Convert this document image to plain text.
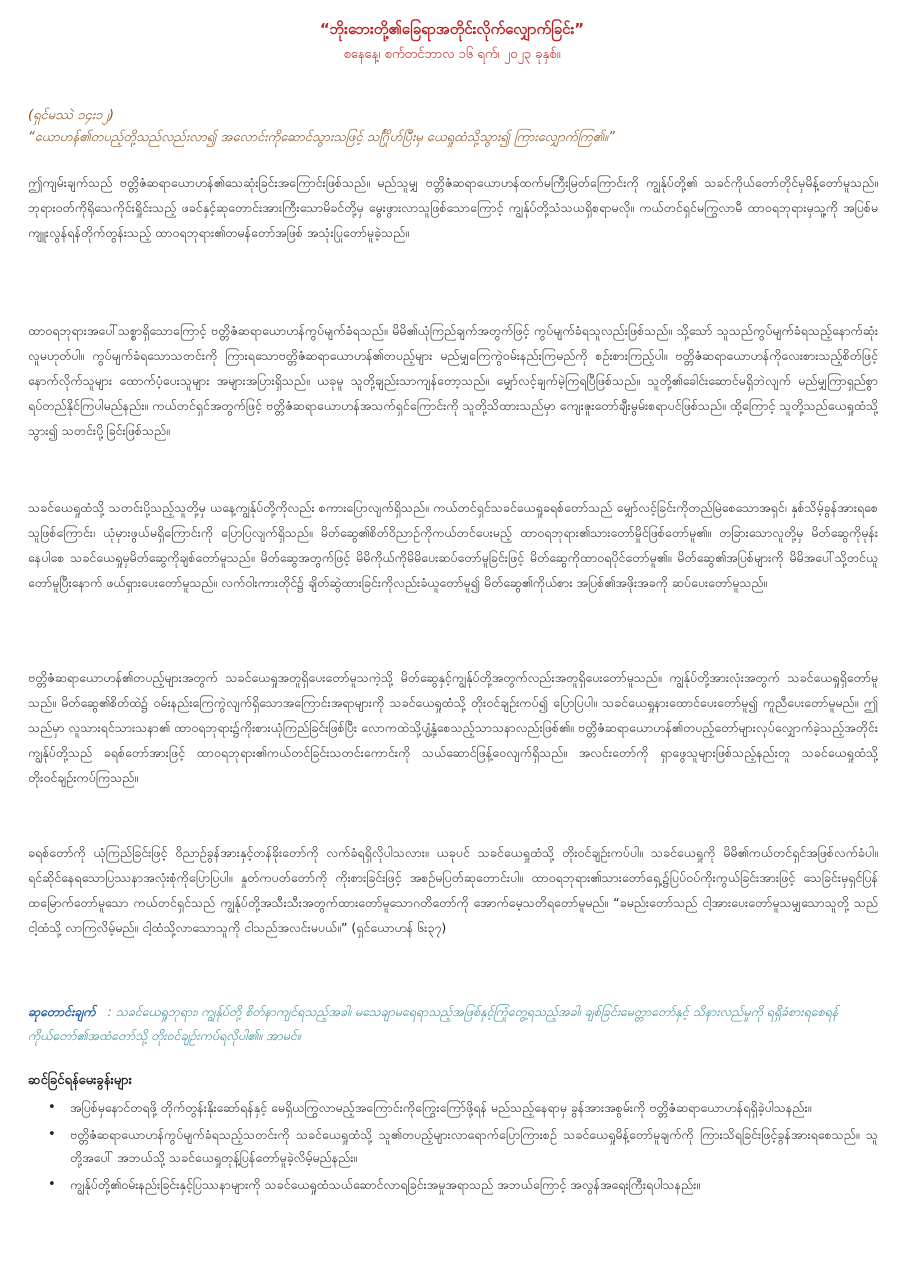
“ဘိုးဘေးတို့၏ခြေရာအတိုင်းလိုက်လျှောက်ခြင်း”
စနေနေ့၊ စက်တင်ဘာလ ၁၆ ရက်၊ ၂၀၂၃ ခုနှစ်။

(ရှင်မဿဲ ၁၄း၁၂)

“ယောဟန်၏တပည့်တို့သည်လည်းလာ၍ အလောင်းကိုဆောင်သွားသဖြင့် သင်္ဂြိုဟ်ပြီးမှ ယေရှုထံသို့သွား၍ ကြားလျှောက်ကြ၏။”

ဤကျမ်းချက်သည် ဗတ္တိဇံဆရာယောဟန်၏သေဆုံးခြင်းအကြောင်းဖြစ်သည်။ မည်သူမျှ ဗတ္တိဇံဆရာယောဟန်ထက်မကြီးမြတ်ကြောင်းကို ကျွန်ုပ်တို့၏ သခင်ကိုယ်တော်တိုင်မှမိန့်တော်မူသည်။ ဘုရားဝတ်ကိုရိုသေကိုင်းရှိုင်းသည့် ဖခင်နှင့်ဆုတောင်းအားကြီးသောမိခင်တို့မှ မွေးဖွားလာသူဖြစ်သောကြောင့် ကျွန်ုပ်တို့သံသယရှိစရာမလို။ ကယ်တင်ရှင်မကြွလာမီ ထာဝရဘုရားမှသူ့ကို အပြစ်မကျူးလွန်ရန်တိုက်တွန်းသည့် ထာဝရဘုရား၏တမန်တော်အဖြစ် အသုံးပြုတော်မူခဲ့သည်။

ထာဝရဘုရားအပေါ်သစ္စာရှိသောကြောင့် ဗတ္တိဇံဆရာယောဟန်ကွပ်မျက်ခံရသည်။ မိမိ၏ယုံကြည်ချက်အတွက်ဖြင့် ကွပ်မျက်ခံရသူလည်းဖြစ်သည်။ သို့သော် သူသည်ကွပ်မျက်ခံရသည့်နောက်ဆုံးလူမဟုတ်ပါ။ ကွပ်မျက်ခံရသောသတင်းကို ကြားရသောဗတ္တိဇံဆရာယောဟန်၏တပည့်များ မည်မျှကြေကွဲဝမ်းနည်းကြမည်ကို စဉ်းစားကြည့်ပါ။ ဗတ္တိဇံဆရာယောဟန်ကိုလေးစားသည့်စိတ်ဖြင့် နောက်လိုက်သူများ ထောက်ပံ့ပေးသူများ အများအပြားရှိသည်။ ယခုမူ သူတို့ချည်းသာကျန်တော့သည်။ မျှော်လင့်ချက်မဲ့ကြရပြီဖြစ်သည်။ သူတို့၏ခေါင်းဆောင်မရှိဘဲလျက် မည်မျှကြာရှည်စွာ ရပ်တည်နိုင်ကြပါမည်နည်း။ ကယ်တင်ရှင်အတွက်ဖြင့် ဗတ္တိဇံဆရာယောဟန်အသက်ရှင်ကြောင်းကို သူတို့သိထားသည်မှာ ကျေးဇူးတော်ချီးမွမ်းစရာပင်ဖြစ်သည်။ ထို့ကြောင့် သူတို့သည်ယေရှုထံသို့သွား၍ သတင်းပို့ခြင်းဖြစ်သည်။

သခင်ယေရှုထံသို့ သတင်းပို့သည့်သူတို့မှ ယနေ့ကျွန်ုပ်တို့ကိုလည်း စကားပြောလျက်ရှိသည်။ ကယ်တင်ရှင်သခင်ယေရှုခရစ်တော်သည် မျှော်လင့်ခြင်းကိုတည်မြဲစေသောအရှင်၊ နှစ်သိမ့်ခွန်အားရစေသူဖြစ်ကြောင်း၊ ယုံမှားဖွယ်မရှိကြောင်းကို ပြောပြလျက်ရှိသည်။ မိတ်ဆွေ၏စိတ်ဝိညာဉ်ကိုကယ်တင်ပေးမည့် ထာဝရဘုရား၏သားတော်မှိုင်ဖြစ်တော်မူ၏။ တခြားသောလူတို့မှ မိတ်ဆွေကိုမုန်းနေပါစေ သခင်ယေရှုမှမိတ်ဆွေကိုချစ်တော်မူသည်။ မိတ်ဆွေအတွက်ဖြင့် မိမိကိုယ်ကိုမိမိပေးဆပ်တော်မူခြင်းဖြင့် မိတ်ဆွေကိုထာဝရပိုင်တော်မူ၏။ မိတ်ဆွေ၏အပြစ်များကို မိမိအပေါ်သို့တင်ယူတော်မူပြီးနောက် ဖယ်ရှားပေးတော်မူသည်။ လက်ဝါးကားတိုင်၌ ချိတ်ဆွဲထားခြင်းကိုလည်းခံယူတော်မူ၍ မိတ်ဆွေ၏ကိုယ်စား အပြစ်၏အဖိုးအခကို ဆပ်ပေးတော်မူသည်။

ဗတ္တိဇံဆရာယောဟန်၏တပည့်များအတွက် သခင်ယေရှုအတူရှိပေးတော်မူသကဲ့သို့ မိတ်ဆွေနှင့်ကျွန်ုပ်တို့အတွက်လည်းအတူရှိပေးတော်မူသည်။ ကျွန်ုပ်တို့အားလုံးအတွက် သခင်ယေရှုရှိတော်မူသည်။ မိတ်ဆွေ၏စိတ်ထဲ၌ ဝမ်းနည်းကြေကွဲလျက်ရှိသောအကြောင်းအရာများကို သခင်ယေရှုထံသို့ တိုးဝင်ချဉ်းကပ်၍ ပြောပြပါ။ သခင်ယေရှုနားထောင်ပေးတော်မူ၍ ကူညီပေးတော်မူမည်။ ဤသည်မှာ လူသားရင်သားသနာ၏ ထာဝရဘုရား၌ကိုးစားယုံကြည်ခြင်းဖြစ်ပြီး လောကထဲသို့ပျံ့နှံ့စေသည့်သာသနာလည်းဖြစ်၏။ ဗတ္တိဇံဆရာယောဟန်၏တပည့်တော်များလုပ်လျှောက်ခဲ့သည့်အတိုင်း ကျွန်ုပ်တို့သည် ခရစ်တော်အားဖြင့် ထာဝရဘုရား၏ကယ်တင်ခြင်းသတင်းကောင်းကို သယ်ဆောင်ဖြန့်ဝေလျက်ရှိသည်။ အလင်းတော်ကို ရှာဖွေသူများဖြစ်သည့်နည်းတူ သခင်ယေရှုထံသို့ တိုးဝင်ချဉ်းကပ်ကြသည်။

ခရစ်တော်ကို ယုံကြည်ခြင်းဖြင့် ဝိညာဉ်ခွန်အားနှင့်တန်ခိုးတော်ကို လက်ခံရရှိလိုပါသလား။ ယခုပင် သခင်ယေရှုထံသို့ တိုးဝင်ချဉ်းကပ်ပါ။ သခင်ယေရှုကို မိမိ၏ကယ်တင်ရှင်အဖြစ်လက်ခံပါ။ ရင်ဆိုင်နေရသောပြဿနာအလုံးစုံကိုပြောပြပါ။ နှုတ်ကပတ်တော်ကို ကိုးစားခြင်းဖြင့် အစဉ်မပြတ်ဆုတောင်းပါ။ ထာဝရဘုရား၏သားတော်ရှေ့၌ပြပ်ဝပ်ကိုးကွယ်ခြင်းအားဖြင့် သေခြင်းမှရှင်ပြန်ထမြောက်တော်မူသော ကယ်တင်ရှင်သည် ကျွန်ုပ်တို့အသီးသီးအတွက်ထားတော်မူသောဂတိတော်ကို အောက်မေ့သတိရတော်မူမည်။ “ခမည်းတော်သည် ငါ့အားပေးတော်မူသမျှသောသူတို့ သည်ငါ့ထံသို့ လာကြလိမ့်မည်။ ငါ့ထံသို့လာသောသူကို ငါသည်အလင်းမပယ်။” (ရှင်ယောဟန် ၆း၃၇)

ဆုတောင်းချက် : သခင်ယေရှုဘုရား၊ ကျွန်ုပ်တို့ စိတ်နာကျင်ရသည့်အခါ၊ မသေချာမရေရာသည့်အဖြစ်နှင့်ကြုံတွေ့ရသည့်အခါ၊ ချစ်ခြင်းမေတ္တာတော်နှင့် သိနားလည်မှုကို ရရှိခံစားရစေရန် ကိုယ်တော်၏အထံတော်သို့ တိုးဝင်ချဉ်းကပ်ရလိုပါ၏။ အာမင်။

ဆင်ခြင်ရန်မေးခွန်းများ

• အပြစ်မှနောင်တရဖို့ တိုက်တွန်းနိုးဆော်ရန်နှင့် မေရှိယကြွလာမည့်အကြောင်းကိုကြွေးကြော်ဖို့ရန် မည်သည့်နေရာမှ ခွန်အားအစွမ်းကို ဗတ္တိဇံဆရာယောဟန်ရရှိခဲ့ပါသနည်း။
• ဗတ္တိဇံဆရာယောဟန်ကွပ်မျက်ခံရသည့်သတင်းကို သခင်ယေရှုထံသို့ သူ၏တပည့်များလာရောက်ပြောကြားစဉ် သခင်ယေရှုမိန့်တော်မူချက်ကို ကြားသိရခြင်းဖြင့်ခွန်အားရစေသည်။ သူတို့အပေါ် အဘယ်သို့ သခင်ယေရှုတုန့်ပြန်တော်မူခဲ့လိမ့်မည်နည်း။
• ကျွန်ုပ်တို့၏ဝမ်းနည်းခြင်းနှင့်ပြဿနာများကို သခင်ယေရှုထံသယ်ဆောင်လာရခြင်းအမှုအရာသည် အဘယ်ကြောင့် အလွန်အရေးကြီးရပါသနည်း။
